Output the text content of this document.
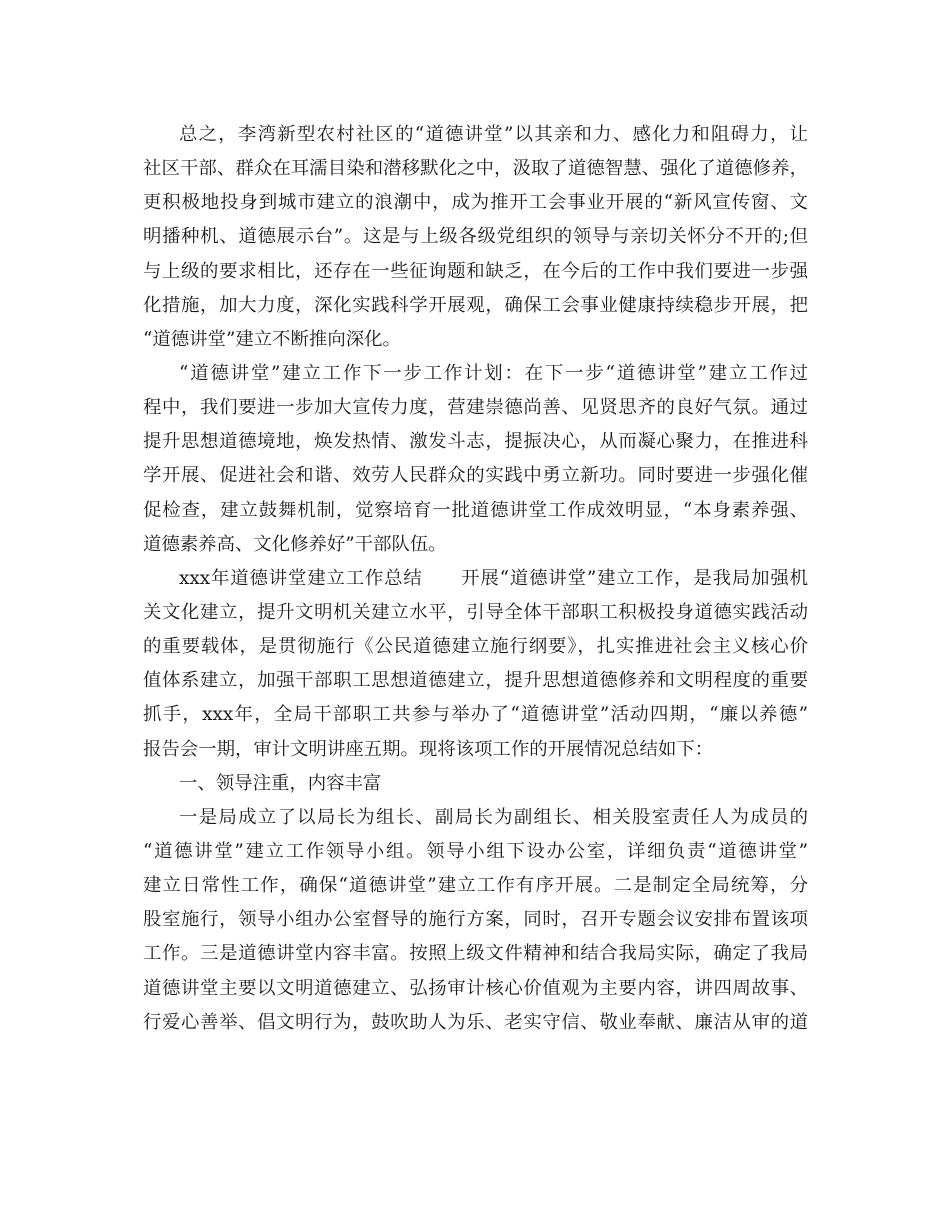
总之，李湾新型农村社区的“道德讲堂”以其亲和力、感化力和阻碍力，让
社区干部、群众在耳濡目染和潜移默化之中，汲取了道德智慧、强化了道德修养，
更积极地投身到城市建立的浪潮中，成为推开工会事业开展的“新风宣传窗、文
明播种机、道德展示台”。这是与上级各级党组织的领导与亲切关怀分不开的;但
与上级的要求相比，还存在一些征询题和缺乏，在今后的工作中我们要进一步强
化措施，加大力度，深化实践科学开展观，确保工会事业健康持续稳步开展，把
“道德讲堂”建立不断推向深化。
“道德讲堂”建立工作下一步工作计划：在下一步“道德讲堂”建立工作过
程中，我们要进一步加大宣传力度，营建崇德尚善、见贤思齐的良好气氛。通过
提升思想道德境地，焕发热情、激发斗志，提振决心，从而凝心聚力，在推进科
学开展、促进社会和谐、效劳人民群众的实践中勇立新功。同时要进一步强化催
促检查，建立鼓舞机制，觉察培育一批道德讲堂工作成效明显，“本身素养强、
道德素养高、文化修养好”干部队伍。
xxx年道德讲堂建立工作总结　　开展“道德讲堂”建立工作，是我局加强机
关文化建立，提升文明机关建立水平，引导全体干部职工积极投身道德实践活动
的重要载体，是贯彻施行《公民道德建立施行纲要》，扎实推进社会主义核心价
值体系建立，加强干部职工思想道德建立，提升思想道德修养和文明程度的重要
抓手，xxx年，全局干部职工共参与举办了“道德讲堂”活动四期，“廉以养德”
报告会一期，审计文明讲座五期。现将该项工作的开展情况总结如下：
一、领导注重，内容丰富
一是局成立了以局长为组长、副局长为副组长、相关股室责任人为成员的
“道德讲堂”建立工作领导小组。领导小组下设办公室，详细负责“道德讲堂”
建立日常性工作，确保“道德讲堂”建立工作有序开展。二是制定全局统筹，分
股室施行，领导小组办公室督导的施行方案，同时，召开专题会议安排布置该项
工作。三是道德讲堂内容丰富。按照上级文件精神和结合我局实际，确定了我局
道德讲堂主要以文明道德建立、弘扬审计核心价值观为主要内容，讲四周故事、
行爱心善举、倡文明行为，鼓吹助人为乐、老实守信、敬业奉献、廉洁从审的道
